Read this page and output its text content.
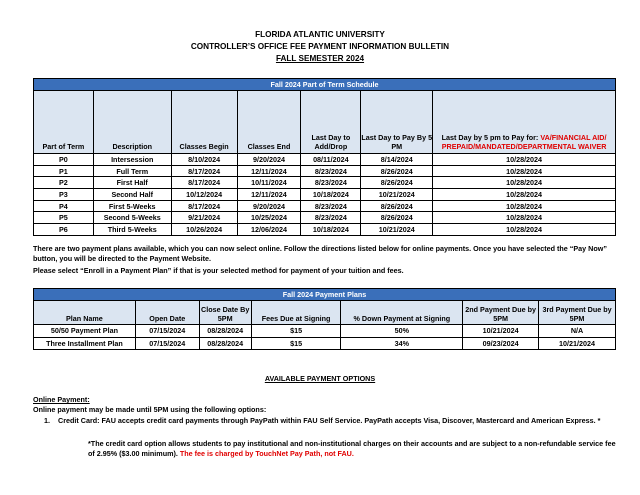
FLORIDA ATLANTIC UNIVERSITY
CONTROLLER’S OFFICE FEE PAYMENT INFORMATION BULLETIN
FALL SEMESTER 2024
Fall 2024 Part of Term Schedule						
Part of Term	Description	Classes Begin	Classes End	Last Day to Add/Drop	Last Day to Pay By 5 PM	Last Day by 5 pm to Pay for: VA/FINANCIAL AID/ PREPAID/MANDATED/DEPARTMENTAL WAIVER
P0	Intersession	8/10/2024	9/20/2024	08/11/2024	8/14/2024	10/28/2024
P1	Full Term	8/17/2024	12/11/2024	8/23/2024	8/26/2024	10/28/2024
P2	First Half	8/17/2024	10/11/2024	8/23/2024	8/26/2024	10/28/2024
P3	Second Half	10/12/2024	12/11/2024	10/18/2024	10/21/2024	10/28/2024
P4	First 5-Weeks	8/17/2024	9/20/2024	8/23/2024	8/26/2024	10/28/2024
P5	Second 5-Weeks	9/21/2024	10/25/2024	8/23/2024	8/26/2024	10/28/2024
P6	Third 5-Weeks	10/26/2024	12/06/2024	10/18/2024	10/21/2024	10/28/2024
There are two payment plans available, which you can now select online. Follow the directions listed below for online payments. Once you have selected the “Pay Now” button, you will be directed to the Payment Website.
Please select “Enroll in a Payment Plan” if that is your selected method for payment of your tuition and fees.
Fall 2024 Payment Plans						
Plan Name	Open Date	Close Date By 5PM	Fees Due at Signing	% Down Payment at Signing	2nd Payment Due by 5PM	3rd Payment Due by 5PM
50/50 Payment Plan	07/15/2024	08/28/2024	$15	50%	10/21/2024	N/A
Three Installment Plan	07/15/2024	08/28/2024	$15	34%	09/23/2024	10/21/2024
AVAILABLE PAYMENT OPTIONS
Online Payment:
Online payment may be made until 5PM using the following options:
1.	Credit Card: FAU accepts credit card payments through PayPath within FAU Self Service. PayPath accepts Visa, Discover, Mastercard and American Express. *
*The credit card option allows students to pay institutional and non-institutional charges on their accounts and are subject to a non-refundable service fee of 2.95% ($3.00 minimum). The fee is charged by TouchNet Pay Path, not FAU.
